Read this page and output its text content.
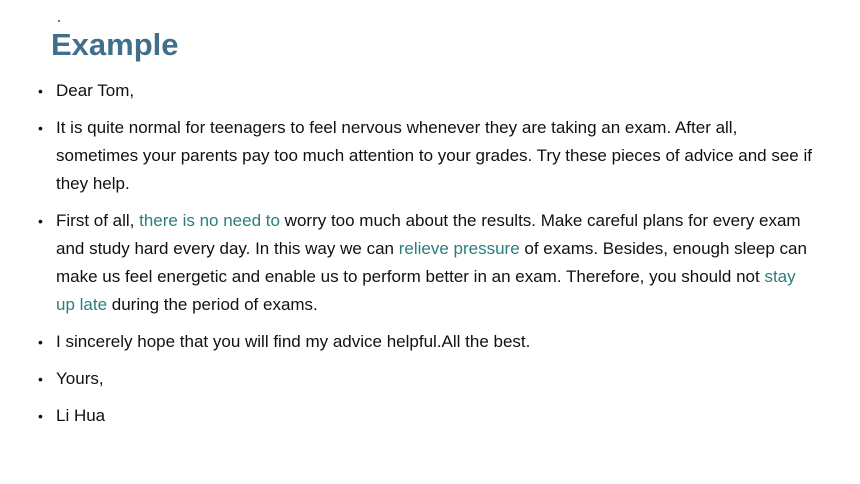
Example
• Dear Tom,
• It is quite normal for teenagers to feel nervous whenever they are taking an exam. After all, sometimes your parents pay too much attention to your grades. Try these pieces of advice and see if they help.
• First of all, there is no need to worry too much about the results. Make careful plans for every exam and study hard every day. In this way we can relieve pressure of exams. Besides, enough sleep can make us feel energetic and enable us to perform better in an exam. Therefore, you should not stay up late during the period of exams.
• I sincerely hope that you will find my advice helpful.All the best.
• Yours,
• Li Hua
